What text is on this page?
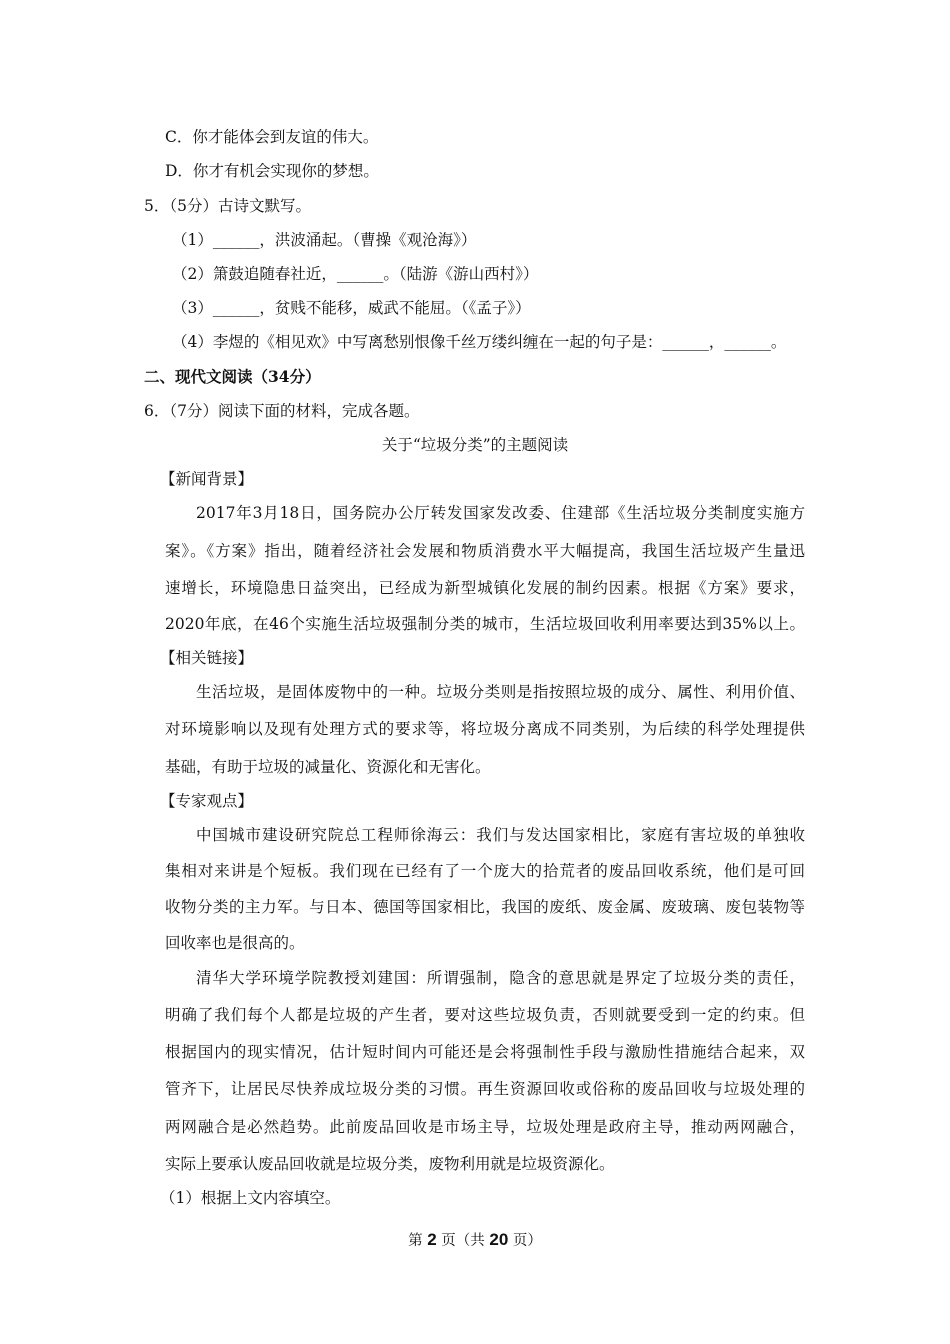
C．你才能体会到友谊的伟大。
D．你才有机会实现你的梦想。
5．（5分）古诗文默写。
（1）______，洪波涌起。（曹操《观沧海》）
（2）箫鼓追随春社近，______。（陆游《游山西村》）
（3）______，贫贱不能移，威武不能屈。（《孟子》）
（4）李煜的《相见欢》中写离愁别恨像千丝万缕纠缠在一起的句子是：______，______。
二、现代文阅读（34分）
6．（7分）阅读下面的材料，完成各题。
关于“垃圾分类”的主题阅读
【新闻背景】
2017年3月18日，国务院办公厅转发国家发改委、住建部《生活垃圾分类制度实施方
案》。《方案》指出，随着经济社会发展和物质消费水平大幅提高，我国生活垃圾产生量迅
速增长，环境隐患日益突出，已经成为新型城镇化发展的制约因素。根据《方案》要求，
2020年底，在46个实施生活垃圾强制分类的城市，生活垃圾回收利用率要达到35%以上。
【相关链接】
生活垃圾，是固体废物中的一种。垃圾分类则是指按照垃圾的成分、属性、利用价值、
对环境影响以及现有处理方式的要求等，将垃圾分离成不同类别，为后续的科学处理提供
基础，有助于垃圾的减量化、资源化和无害化。
【专家观点】
中国城市建设研究院总工程师徐海云：我们与发达国家相比，家庭有害垃圾的单独收
集相对来讲是个短板。我们现在已经有了一个庞大的拾荒者的废品回收系统，他们是可回
收物分类的主力军。与日本、德国等国家相比，我国的废纸、废金属、废玻璃、废包装物等
回收率也是很高的。
清华大学环境学院教授刘建国：所谓强制，隐含的意思就是界定了垃圾分类的责任，
明确了我们每个人都是垃圾的产生者，要对这些垃圾负责，否则就要受到一定的约束。但
根据国内的现实情况，估计短时间内可能还是会将强制性手段与激励性措施结合起来，双
管齐下，让居民尽快养成垃圾分类的习惯。再生资源回收或俗称的废品回收与垃圾处理的
两网融合是必然趋势。此前废品回收是市场主导，垃圾处理是政府主导，推动两网融合，
实际上要承认废品回收就是垃圾分类，废物利用就是垃圾资源化。
（1）根据上文内容填空。
第 2 页（共 20 页）
